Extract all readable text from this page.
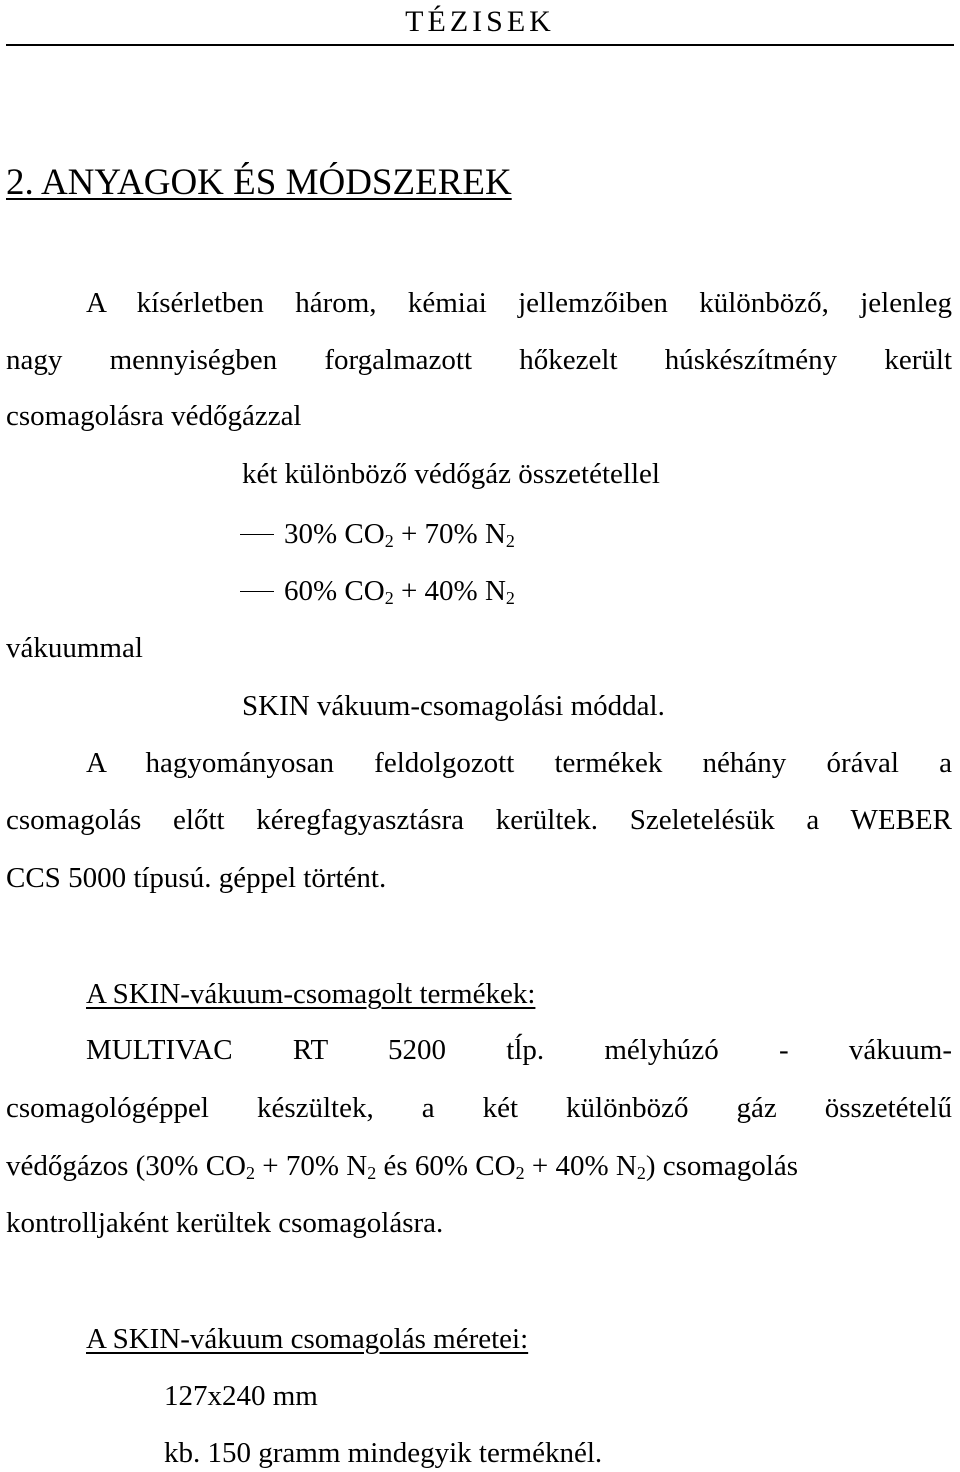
TÉZISEK
2. ANYAGOK ÉS MÓDSZEREK
A kísérletben három, kémiai jellemzőiben különböző, jelenleg
nagy mennyiségben forgalmazott hőkezelt húskészítmény került
csomagolásra védőgázzal
két különböző védőgáz összetétellel
30% $CO_2 + 70\%$ $N_2$
60% $CO_2 + 40\%$ $N_2$
vákuummal
SKIN vákuum-csomagolási móddal.
A hagyományosan feldolgozott termékek néhány órával a
csomagolás előtt kéregfagyasztásra kerültek. Szeletelésük a WEBER
CCS 5000 típusú. géppel történt.
A SKIN-vákuum-csomagolt termékek:
MULTIVAC RT 5200 tĺp. mélyhúzó - vákuum-
csomagológéppel készültek, a két különböző gáz összetételű
védőgázos (30% $CO_2 + 70\%$ $N_2$ és 60% $CO_2 + 40\%$ $N_2$) csomagolás
kontrolljaként kerültek csomagolásra.
A SKIN-vákuum csomagolás méretei:
127x240 mm
kb. 150 gramm mindegyik terméknél.
